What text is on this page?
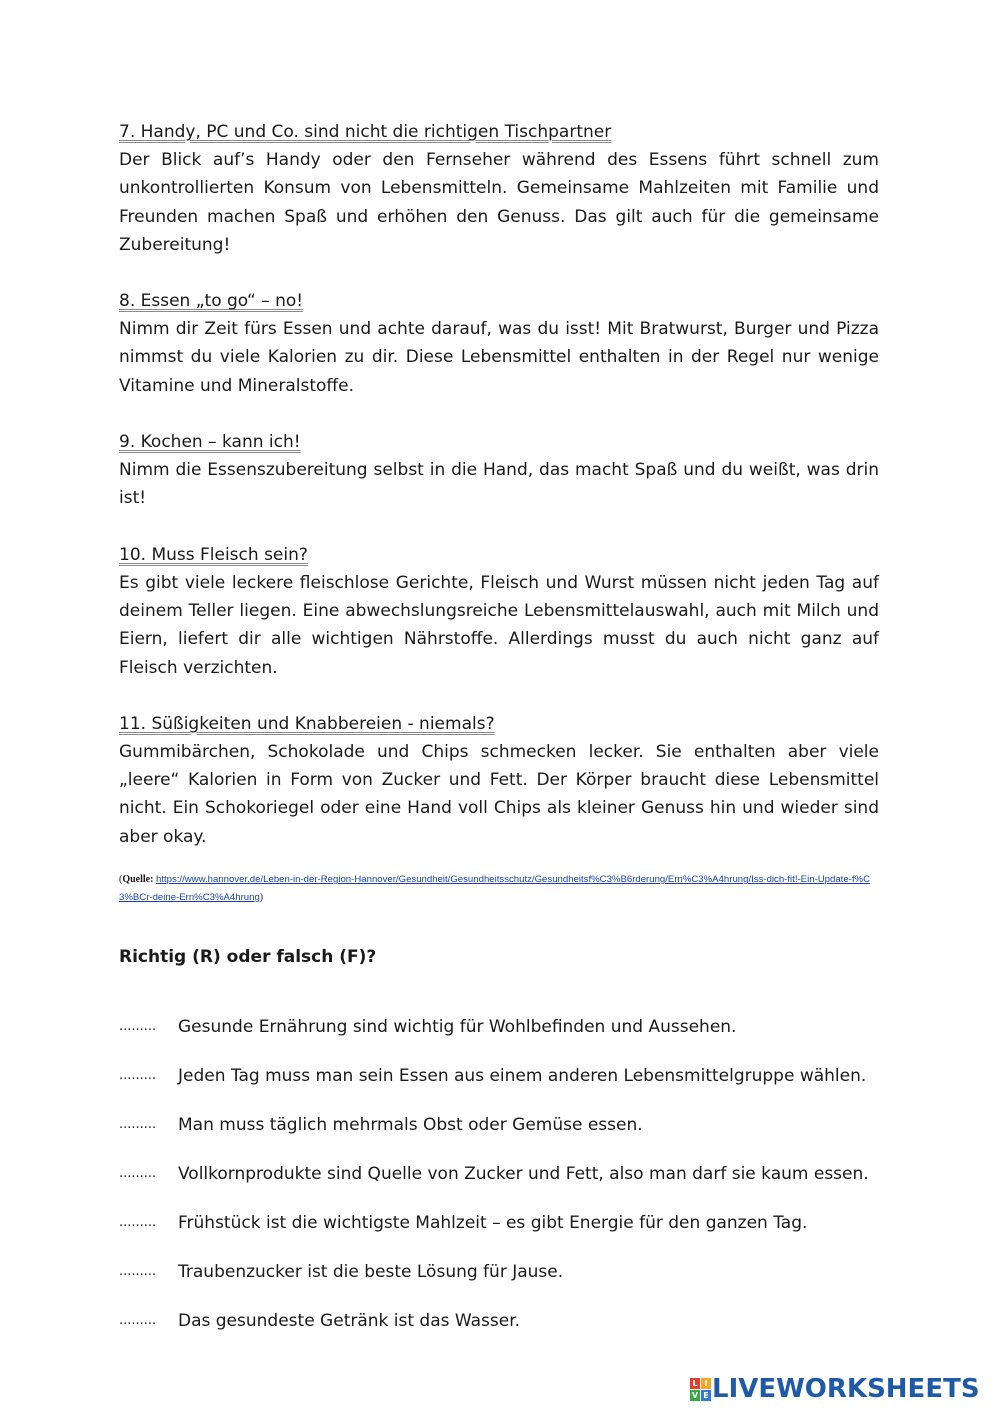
7. Handy, PC und Co. sind nicht die richtigen Tischpartner

Der Blick auf’s Handy oder den Fernseher während des Essens führt schnell zum unkontrollierten Konsum von Lebensmitteln. Gemeinsame Mahlzeiten mit Familie und Freunden machen Spaß und erhöhen den Genuss. Das gilt auch für die gemeinsame Zubereitung!

8. Essen „to go“ – no!

Nimm dir Zeit fürs Essen und achte darauf, was du isst! Mit Bratwurst, Burger und Pizza nimmst du viele Kalorien zu dir. Diese Lebensmittel enthalten in der Regel nur wenige Vitamine und Mineralstoffe.

9. Kochen – kann ich!

Nimm die Essenszubereitung selbst in die Hand, das macht Spaß und du weißt, was drin ist!

10. Muss Fleisch sein?

Es gibt viele leckere fleischlose Gerichte, Fleisch und Wurst müssen nicht jeden Tag auf deinem Teller liegen. Eine abwechslungsreiche Lebensmittelauswahl, auch mit Milch und Eiern, liefert dir alle wichtigen Nährstoffe. Allerdings musst du auch nicht ganz auf Fleisch verzichten.

11. Süßigkeiten und Knabbereien - niemals?

Gummibärchen, Schokolade und Chips schmecken lecker. Sie enthalten aber viele „leere“ Kalorien in Form von Zucker und Fett. Der Körper braucht diese Lebensmittel nicht. Ein Schokoriegel oder eine Hand voll Chips als kleiner Genuss hin und wieder sind aber okay.

(Quelle: https://www.hannover.de/Leben-in-der-Region-Hannover/Gesundheit/Gesundheitsschutz/Gesundheitsf%C3%B6rderung/Ern%C3%A4hrung/Iss-dich-fit!-Ein-Update-f%C3%BCr-deine-Ern%C3%A4hrung)
Richtig (R) oder falsch (F)?
.........	Gesunde Ernährung sind wichtig für Wohlbefinden und Aussehen.
.........	Jeden Tag muss man sein Essen aus einem anderen Lebensmittelgruppe wählen.
.........	Man muss täglich mehrmals Obst oder Gemüse essen.
.........	Vollkornprodukte sind Quelle von Zucker und Fett, also man darf sie kaum essen.
.........	Frühstück ist die wichtigste Mahlzeit – es gibt Energie für den ganzen Tag.
.........	Traubenzucker ist die beste Lösung für Jause.
.........	Das gesundeste Getränk ist das Wasser.
L I
V E LIVEWORKSHEETS
